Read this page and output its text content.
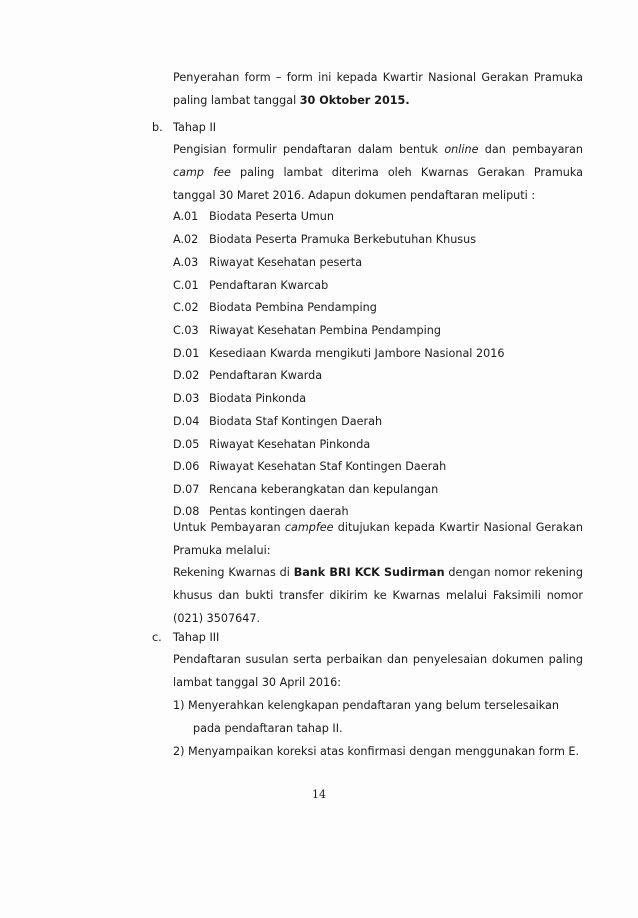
Penyerahan form – form ini kepada Kwartir Nasional Gerakan Pramuka

paling lambat tanggal 30 Oktober 2015.

b. Tahap II

Pengisian formulir pendaftaran dalam bentuk online dan pembayaran camp fee paling lambat diterima oleh Kwarnas Gerakan Pramuka tanggal 30 Maret 2016. Adapun dokumen pendaftaran meliputi :

A.01 Biodata Peserta Umun
A.02 Biodata Peserta Pramuka Berkebutuhan Khusus
A.03 Riwayat Kesehatan peserta
C.01 Pendaftaran Kwarcab
C.02 Biodata Pembina Pendamping
C.03 Riwayat Kesehatan Pembina Pendamping
D.01 Kesediaan Kwarda mengikuti Jambore Nasional 2016
D.02 Pendaftaran Kwarda
D.03 Biodata Pinkonda
D.04 Biodata Staf Kontingen Daerah
D.05 Riwayat Kesehatan Pinkonda
D.06 Riwayat Kesehatan Staf Kontingen Daerah
D.07 Rencana keberangkatan dan kepulangan
D.08 Pentas kontingen daerah

Untuk Pembayaran campfee ditujukan kepada Kwartir Nasional Gerakan Pramuka melalui:

Rekening Kwarnas di Bank BRI KCK Sudirman dengan nomor rekening khusus dan bukti transfer dikirim ke Kwarnas melalui Faksimili nomor (021) 3507647.

c. Tahap III

Pendaftaran susulan serta perbaikan dan penyelesaian dokumen paling lambat tanggal 30 April 2016:

1) Menyerahkan kelengkapan pendaftaran yang belum terselesaikan pada pendaftaran tahap II.
2) Menyampaikan koreksi atas konfirmasi dengan menggunakan form E.
14
